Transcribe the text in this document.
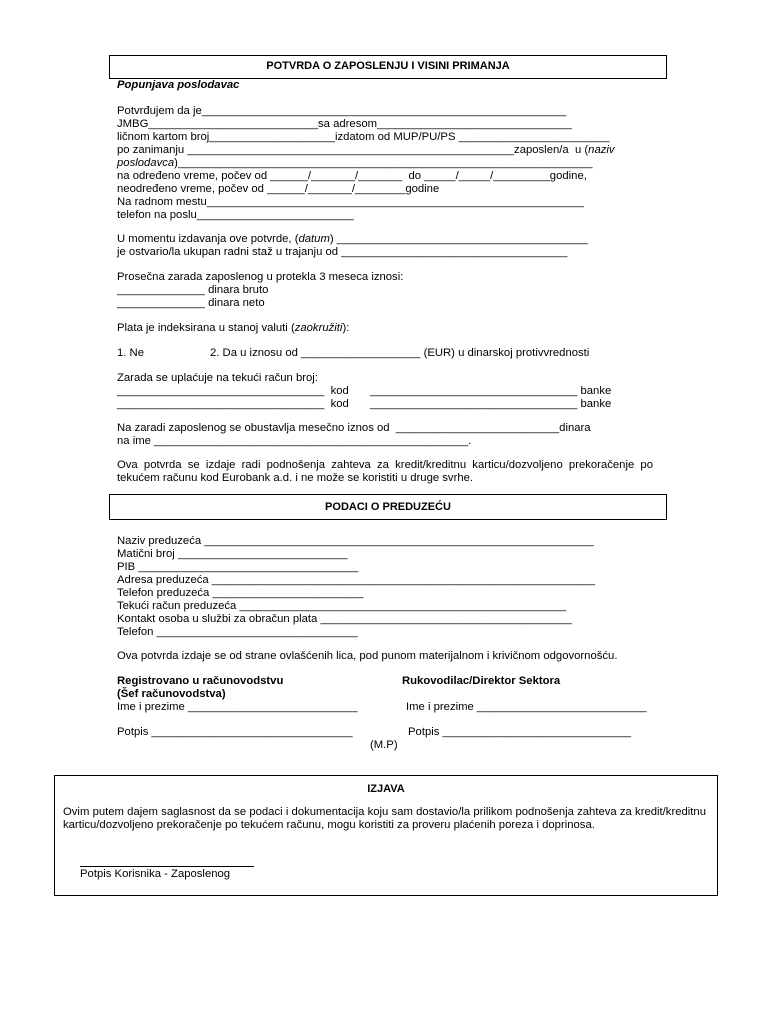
POTVRDA O ZAPOSLENJU I VISINI PRIMANJA
Popunjava poslodavac
Potvrđujem da je__________________________________________________________
JMBG___________________________sa adresom_______________________________
ličnom kartom broj____________________izdatom od MUP/PU/PS ________________________
po zanimanju ____________________________________________________zaposlen/a  u (naziv
poslodavca)__________________________________________________________________
na određeno vreme, počev od ______/_______/_______  do _____/_____/_________godine,
neodređeno vreme, počev od ______/_______/________godine
Na radnom mestu____________________________________________________________
telefon na poslu_________________________
U momentu izdavanja ove potvrde, (datum) ________________________________________
je ostvario/la ukupan radni staž u trajanju od ____________________________________
Prosečna zarada zaposlenog u protekla 3 meseca iznosi:
______________ dinara bruto
______________ dinara neto
Plata je indeksirana u stanoj valuti (zaokružiti):
1. Ne	2. Da u iznosu od ___________________ (EUR) u dinarskoj protivvrednosti
Zarada se uplaćuje na tekući račun broj:
_________________________________  kod _________________________________ banke
_________________________________  kod _________________________________ banke
Na zaradi zaposlenog se obustavlja mesečno iznos od  __________________________dinara
na ime __________________________________________________.
Ova potvrda se izdaje radi podnošenja zahteva za kredit/kreditnu karticu/dozvoljeno prekoračenje po tekućem računu kod Eurobank a.d. i ne može se koristiti u druge svrhe.
PODACI O PREDUZEĆU
Naziv preduzeća ______________________________________________________________
Matični broj ___________________________
PIB ___________________________________
Adresa preduzeća _____________________________________________________________
Telefon preduzeća ________________________
Tekući račun preduzeća ____________________________________________________
Kontakt osoba u službi za obračun plata ________________________________________
Telefon ________________________________
Ova potvrda izdaje se od strane ovlašćenih lica, pod punom materijalnom i krivičnom odgovornošću.
Registrovano u računovodstvu
(Šef računovodstva)
Rukovodilac/Direktor Sektora
Ime i prezime ___________________________	Ime i prezime ___________________________
Potpis ________________________________	Potpis ______________________________
(M.P)
IZJAVA
Ovim putem dajem saglasnost da se podaci i dokumentacija koju sam dostavio/la prilikom podnošenja zahteva za kredit/kreditnu karticu/dozvoljeno prekoračenje po tekućem računu, mogu koristiti za proveru plaćenih poreza i doprinosa.
Potpis Korisnika - Zaposlenog
